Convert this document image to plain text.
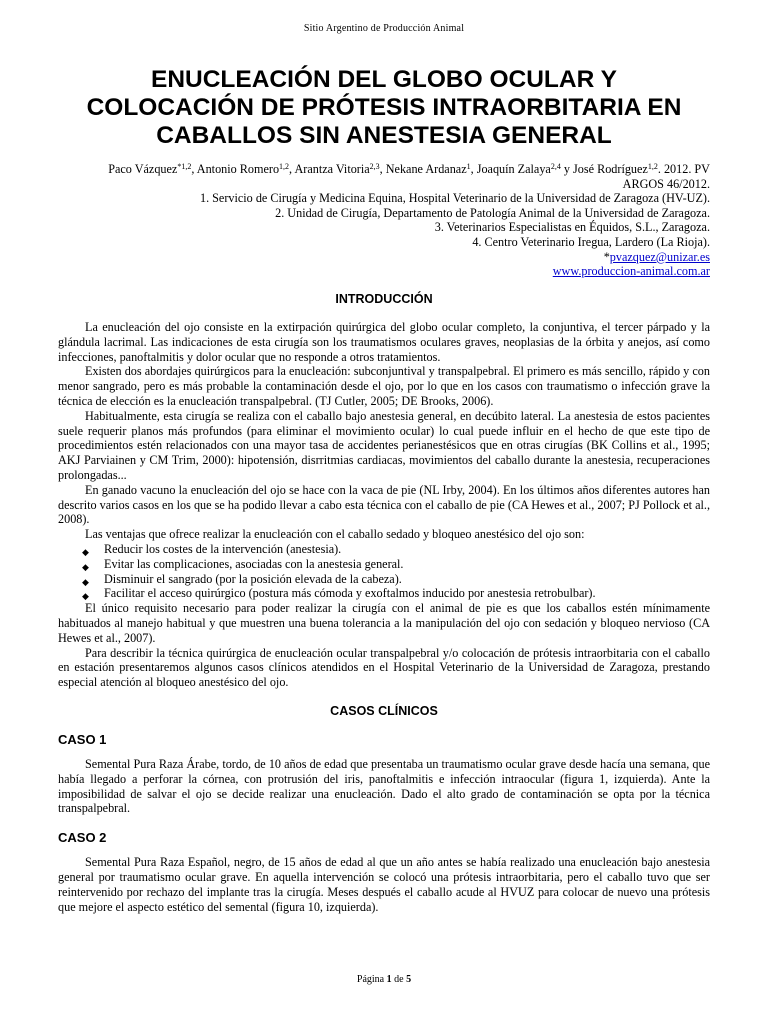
Sitio Argentino de Producción Animal
ENUCLEACIÓN DEL GLOBO OCULAR Y
COLOCACIÓN DE PRÓTESIS INTRAORBITARIA EN
CABALLOS SIN ANESTESIA GENERAL
Paco Vázquez$^{*1,2}$, Antonio Romero$^{1,2}$, Arantza Vitoria$^{2,3}$, Nekane Ardanaz$^1$, Joaquín Zalaya$^{2,4}$ y José Rodríguez$^{1,2}$. 2012. PV
ARGOS 46/2012.
1. Servicio de Cirugía y Medicina Equina, Hospital Veterinario de la Universidad de Zaragoza (HV-UZ).
2. Unidad de Cirugía, Departamento de Patología Animal de la Universidad de Zaragoza.
3. Veterinarios Especialistas en Équidos, S.L., Zaragoza.
4. Centro Veterinario Iregua, Lardero (La Rioja).
*pvazquez@unizar.es
www.produccion-animal.com.ar
INTRODUCCIÓN

La enucleación del ojo consiste en la extirpación quirúrgica del globo ocular completo, la conjuntiva, el tercer párpado y la glándula lacrimal. Las indicaciones de esta cirugía son los traumatismos oculares graves, neoplasias de la órbita y anejos, así como infecciones, panoftalmitis y dolor ocular que no responde a otros tratamientos.

Existen dos abordajes quirúrgicos para la enucleación: subconjuntival y transpalpebral. El primero es más sencillo, rápido y con menor sangrado, pero es más probable la contaminación desde el ojo, por lo que en los casos con traumatismo o infección grave la técnica de elección es la enucleación transpalpebral. (TJ Cutler, 2005; DE Brooks, 2006).

Habitualmente, esta cirugía se realiza con el caballo bajo anestesia general, en decúbito lateral. La anestesia de estos pacientes suele requerir planos más profundos (para eliminar el movimiento ocular) lo cual puede influir en el hecho de que este tipo de procedimientos estén relacionados con una mayor tasa de accidentes perianestésicos que en otras cirugías (BK Collins et al., 1995; AKJ Parviainen y CM Trim, 2000): hipotensión, disrritmias cardiacas, movimientos del caballo durante la anestesia, recuperaciones prolongadas...

En ganado vacuno la enucleación del ojo se hace con la vaca de pie (NL Irby, 2004). En los últimos años diferentes autores han descrito varios casos en los que se ha podido llevar a cabo esta técnica con el caballo de pie (CA Hewes et al., 2007; PJ Pollock et al., 2008).

Las ventajas que ofrece realizar la enucleación con el caballo sedado y bloqueo anestésico del ojo son:

◆ Reducir los costes de la intervención (anestesia).
◆ Evitar las complicaciones, asociadas con la anestesia general.
◆ Disminuir el sangrado (por la posición elevada de la cabeza).
◆ Facilitar el acceso quirúrgico (postura más cómoda y exoftalmos inducido por anestesia retrobulbar).

El único requisito necesario para poder realizar la cirugía con el animal de pie es que los caballos estén mínimamente habituados al manejo habitual y que muestren una buena tolerancia a la manipulación del ojo con sedación y bloqueo nervioso (CA Hewes et al., 2007).

Para describir la técnica quirúrgica de enucleación ocular transpalpebral y/o colocación de prótesis intraorbitaria con el caballo en estación presentaremos algunos casos clínicos atendidos en el Hospital Veterinario de la Universidad de Zaragoza, prestando especial atención al bloqueo anestésico del ojo.

CASOS CLÍNICOS
CASO 1

Semental Pura Raza Árabe, tordo, de 10 años de edad que presentaba un traumatismo ocular grave desde hacía una semana, que había llegado a perforar la córnea, con protrusión del iris, panoftalmitis e infección intraocular (figura 1, izquierda). Ante la imposibilidad de salvar el ojo se decide realizar una enucleación. Dado el alto grado de contaminación se opta por la técnica transpalpebral.

CASO 2

Semental Pura Raza Español, negro, de 15 años de edad al que un año antes se había realizado una enucleación bajo anestesia general por traumatismo ocular grave. En aquella intervención se colocó una prótesis intraorbitaria, pero el caballo tuvo que ser reintervenido por rechazo del implante tras la cirugía. Meses después el caballo acude al HVUZ para colocar de nuevo una prótesis que mejore el aspecto estético del semental (figura 10, izquierda).

Página 1 de 5
